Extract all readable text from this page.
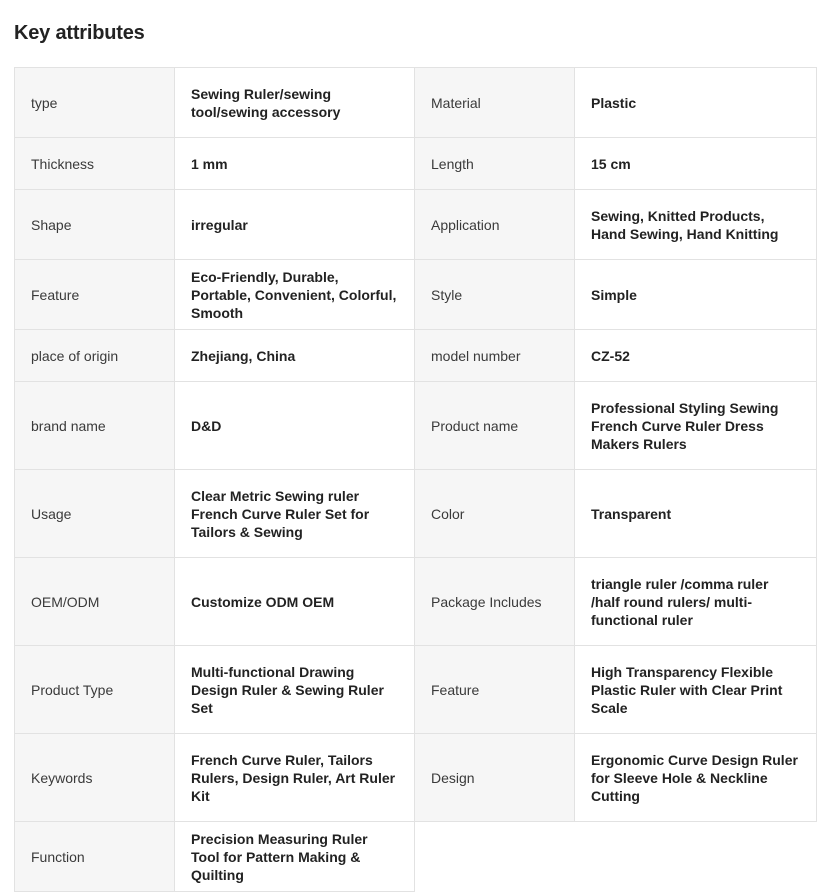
Key attributes
type	Sewing Ruler/sewing tool/sewing accessory	Material	Plastic
Thickness	1 mm	Length	15 cm
Shape	irregular	Application	Sewing, Knitted Products, Hand Sewing, Hand Knitting
Feature	Eco-Friendly, Durable, Portable, Convenient, Colorful, Smooth	Style	Simple
place of origin	Zhejiang, China	model number	CZ-52
brand name	D&D	Product name	Professional Styling Sewing French Curve Ruler Dress Makers Rulers
Usage	Clear Metric Sewing ruler French Curve Ruler Set for Tailors & Sewing	Color	Transparent
OEM/ODM	Customize ODM OEM	Package Includes	triangle ruler /comma ruler /half round rulers/ multi-functional ruler
Product Type	Multi-functional Drawing Design Ruler & Sewing Ruler Set	Feature	High Transparency Flexible Plastic Ruler with Clear Print Scale
Keywords	French Curve Ruler, Tailors Rulers, Design Ruler, Art Ruler Kit	Design	Ergonomic Curve Design Ruler for Sleeve Hole & Neckline Cutting
Function	Precision Measuring Ruler Tool for Pattern Making & Quilting		
